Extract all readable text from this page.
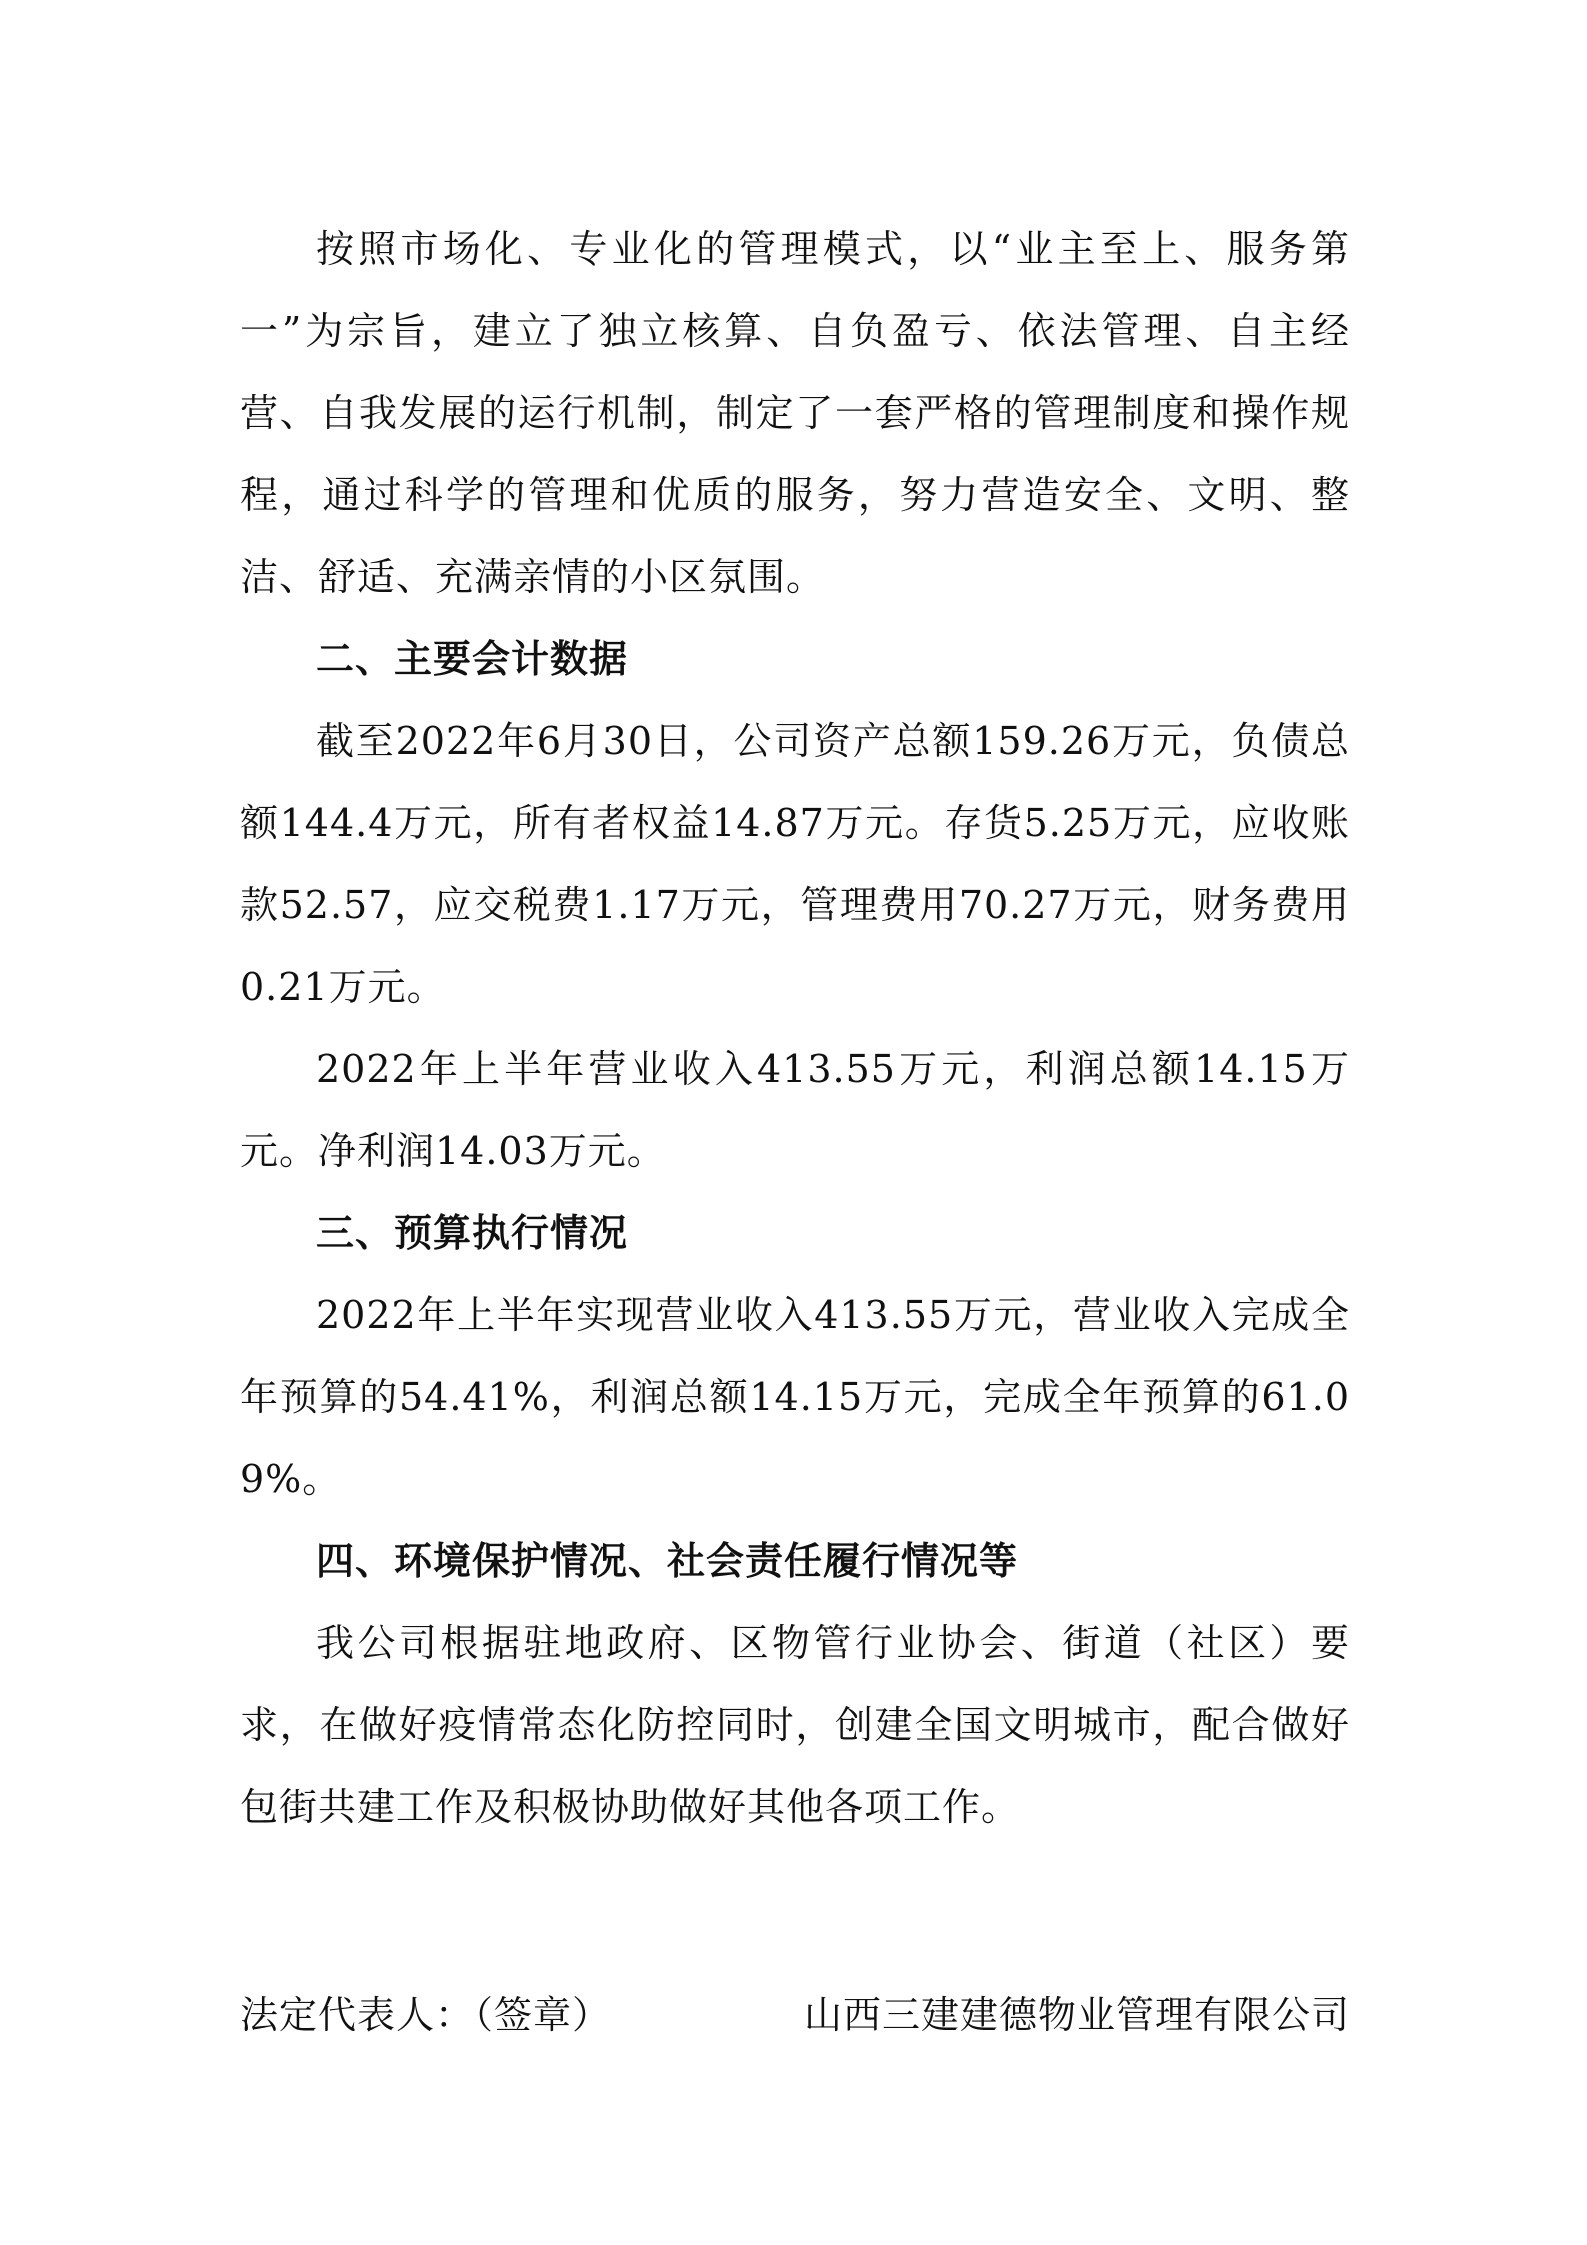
按照市场化、专业化的管理模式，以“业主至上、服务第一”为宗旨，建立了独立核算、自负盈亏、依法管理、自主经营、自我发展的运行机制，制定了一套严格的管理制度和操作规程，通过科学的管理和优质的服务，努力营造安全、文明、整洁、舒适、充满亲情的小区氛围。

二、主要会计数据

截至2022年6月30日，公司资产总额159.26万元，负债总额144.4万元，所有者权益14.87万元。存货5.25万元，应收账款52.57，应交税费1.17万元，管理费用70.27万元，财务费用0.21万元。

2022年上半年营业收入413.55万元，利润总额14.15万元。净利润14.03万元。

三、预算执行情况

2022年上半年实现营业收入413.55万元，营业收入完成全年预算的54.41%，利润总额14.15万元，完成全年预算的61.09%。

四、环境保护情况、社会责任履行情况等

我公司根据驻地政府、区物管行业协会、街道（社区）要求，在做好疫情常态化防控同时，创建全国文明城市，配合做好包街共建工作及积极协助做好其他各项工作。

法定代表人：（签章）	山西三建建德物业管理有限公司
